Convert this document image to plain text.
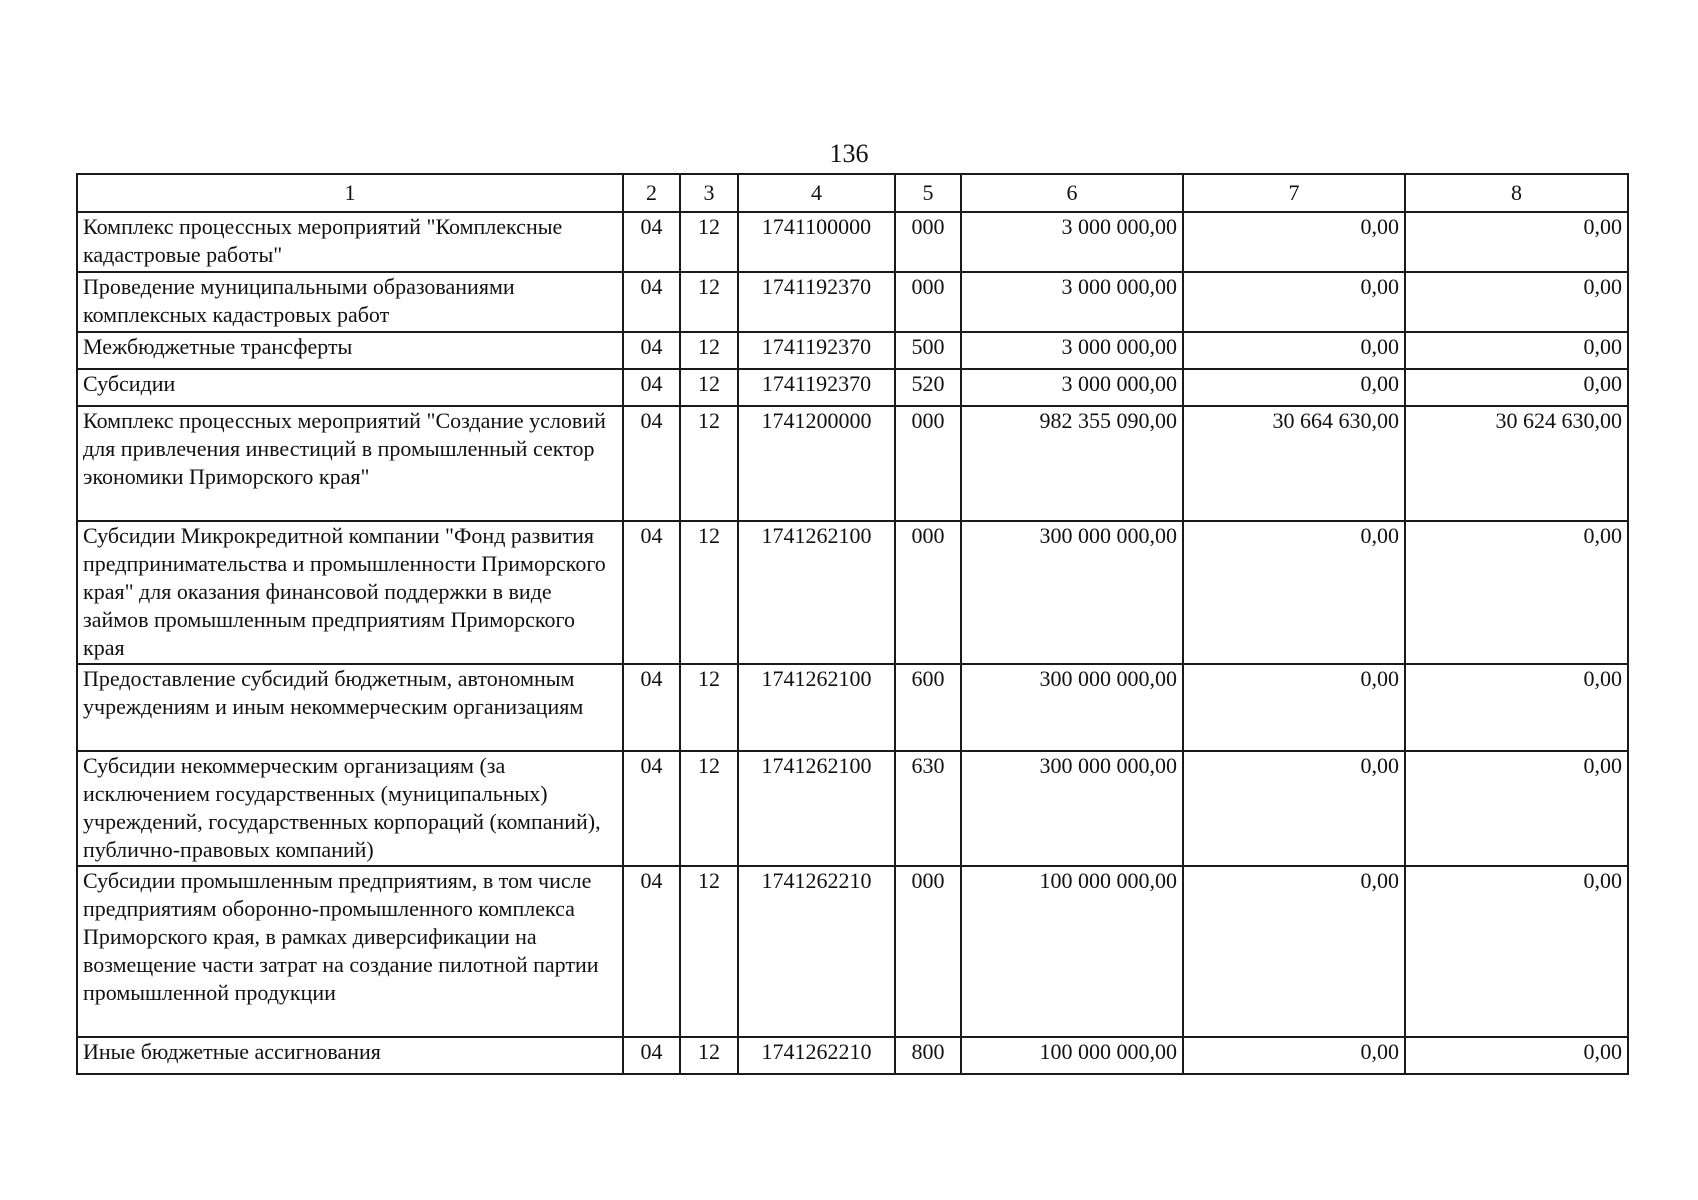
136
1	2	3	4	5	6	7	8
Комплекс процессных мероприятий "Комплексные кадастровые работы"	04	12	1741100000	000	3 000 000,00	0,00	0,00
Проведение муниципальными образованиями комплексных кадастровых работ	04	12	1741192370	000	3 000 000,00	0,00	0,00
Межбюджетные трансферты	04	12	1741192370	500	3 000 000,00	0,00	0,00
Субсидии	04	12	1741192370	520	3 000 000,00	0,00	0,00
Комплекс процессных мероприятий "Создание условий для привлечения инвестиций в промышленный сектор экономики Приморского края"	04	12	1741200000	000	982 355 090,00	30 664 630,00	30 624 630,00
Субсидии Микрокредитной компании "Фонд развития предпринимательства и промышленности Приморского края" для оказания финансовой поддержки в виде займов промышленным предприятиям Приморского края	04	12	1741262100	000	300 000 000,00	0,00	0,00
Предоставление субсидий бюджетным, автономным учреждениям и иным некоммерческим организациям	04	12	1741262100	600	300 000 000,00	0,00	0,00
Субсидии некоммерческим организациям (за исключением государственных (муниципальных) учреждений, государственных корпораций (компаний), публично-правовых компаний)	04	12	1741262100	630	300 000 000,00	0,00	0,00
Субсидии промышленным предприятиям, в том числе предприятиям оборонно-промышленного комплекса Приморского края, в рамках диверсификации на возмещение части затрат на создание пилотной партии промышленной продукции	04	12	1741262210	000	100 000 000,00	0,00	0,00
Иные бюджетные ассигнования	04	12	1741262210	800	100 000 000,00	0,00	0,00
